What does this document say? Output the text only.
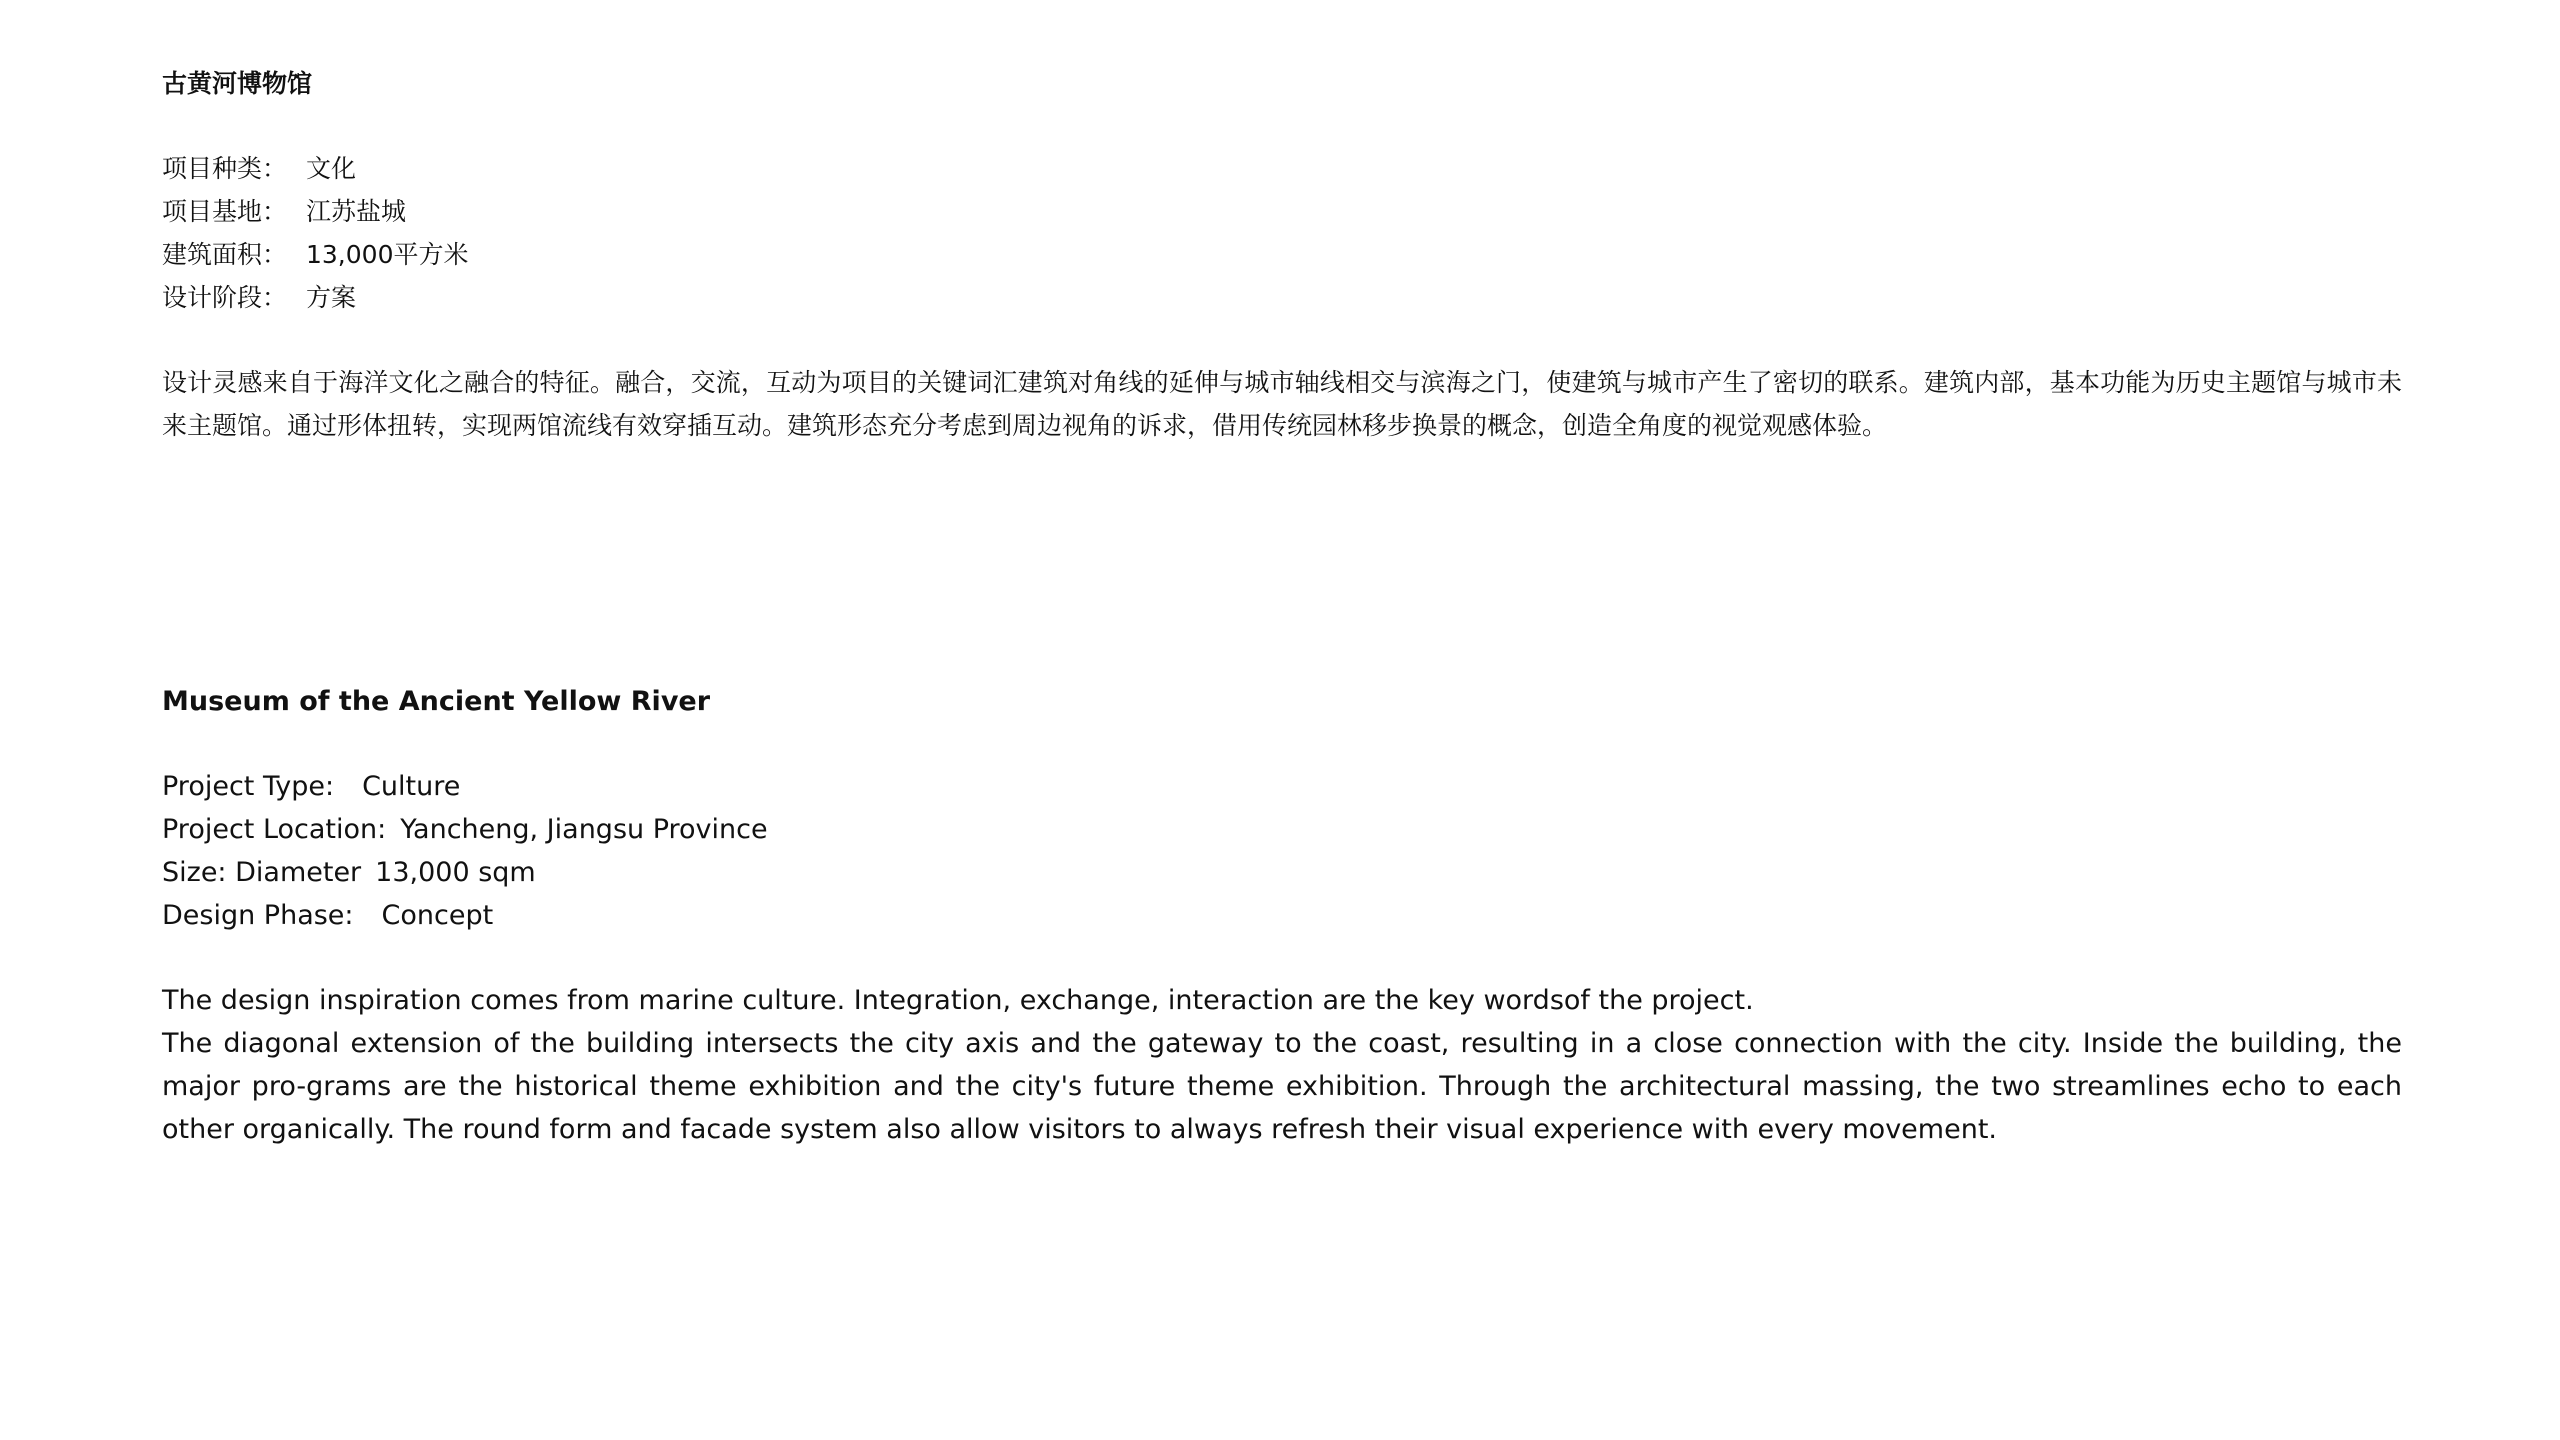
古黄河博物馆
项目种类： 文化
项目基地： 江苏盐城
建筑面积： 13,000平方米
设计阶段： 方案

设计灵感来自于海洋文化之融合的特征。融合，交流，互动为项目的关键词汇建筑对角线的延伸与城市轴线相交与滨海之门，使建筑与城市产生了密切的联系。建筑内部，基本功能为历史主题馆与城市未来主题馆。通过形体扭转，实现两馆流线有效穿插互动。建筑形态充分考虑到周边视角的诉求，借用传统园林移步换景的概念，创造全角度的视觉观感体验。

Museum of the Ancient Yellow River
Project Type: Culture
Project Location: Yancheng, Jiangsu Province
Size: Diameter 13,000 sqm
Design Phase: Concept

The design inspiration comes from marine culture. Integration, exchange, interaction are the key wordsof the project.

The diagonal extension of the building intersects the city axis and the gateway to the coast, resulting in a close connection with the city. Inside the building, the major pro-grams are the historical theme exhibition and the city's future theme exhibition. Through the architectural massing, the two streamlines echo to each other organically. The round form and facade system also allow visitors to always refresh their visual experience with every movement.
